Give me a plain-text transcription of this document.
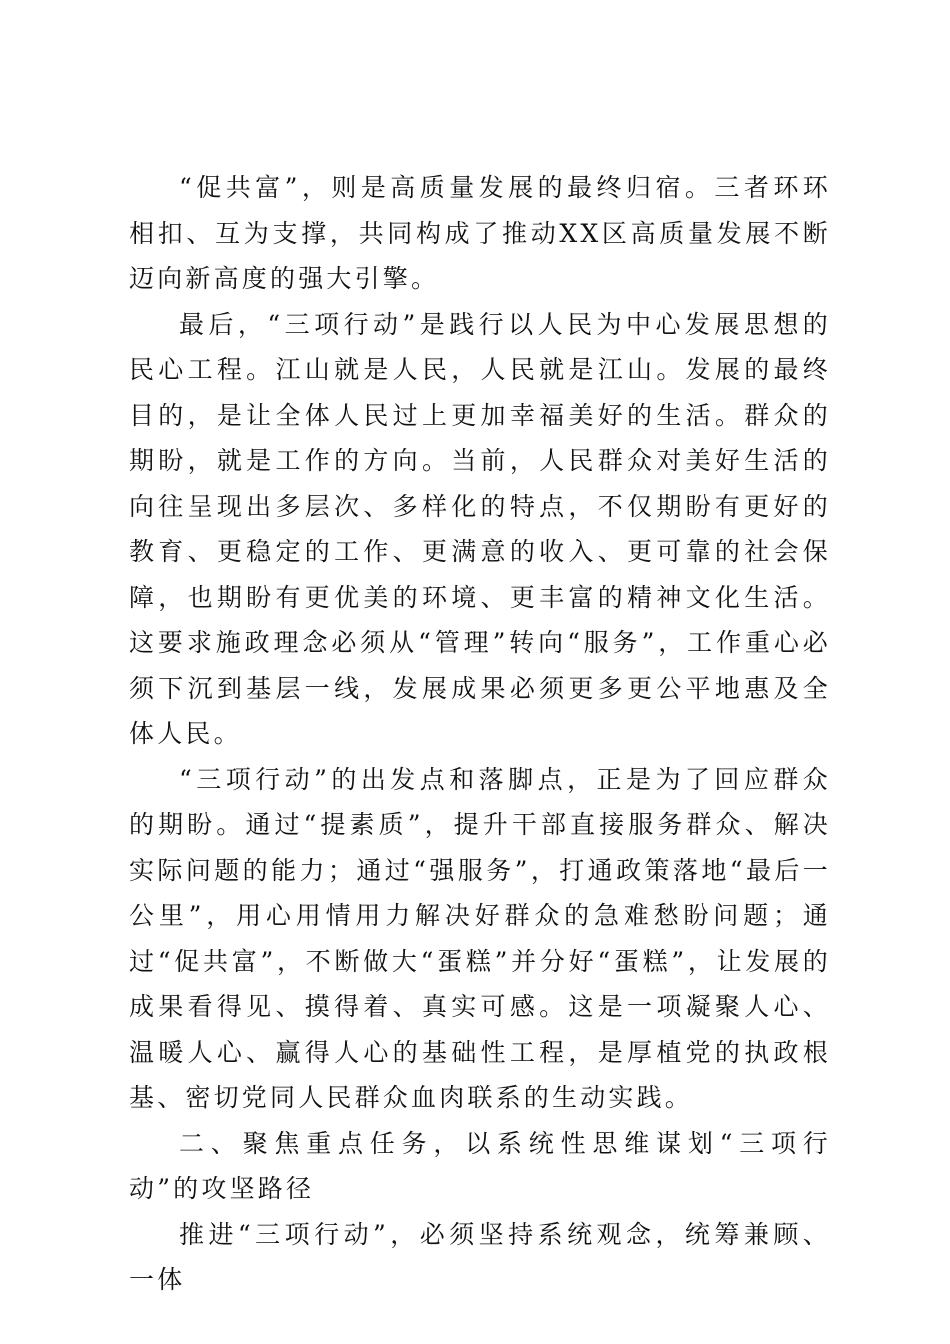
“促共富”，则是高质量发展的最终归宿。三者环环相扣、互为支撑，共同构成了推动XX区高质量发展不断迈向新高度的强大引擎。

最后，“三项行动”是践行以人民为中心发展思想的民心工程。江山就是人民，人民就是江山。发展的最终目的，是让全体人民过上更加幸福美好的生活。群众的期盼，就是工作的方向。当前，人民群众对美好生活的向往呈现出多层次、多样化的特点，不仅期盼有更好的教育、更稳定的工作、更满意的收入、更可靠的社会保障，也期盼有更优美的环境、更丰富的精神文化生活。这要求施政理念必须从“管理”转向“服务”，工作重心必须下沉到基层一线，发展成果必须更多更公平地惠及全体人民。

“三项行动”的出发点和落脚点，正是为了回应群众的期盼。通过“提素质”，提升干部直接服务群众、解决实际问题的能力；通过“强服务”，打通政策落地“最后一公里”，用心用情用力解决好群众的急难愁盼问题；通过“促共富”，不断做大“蛋糕”并分好“蛋糕”，让发展的成果看得见、摸得着、真实可感。这是一项凝聚人心、温暖人心、赢得人心的基础性工程，是厚植党的执政根基、密切党同人民群众血肉联系的生动实践。

二、聚焦重点任务，以系统性思维谋划“三项行动”的攻坚路径

推进“三项行动”，必须坚持系统观念，统筹兼顾、一体
